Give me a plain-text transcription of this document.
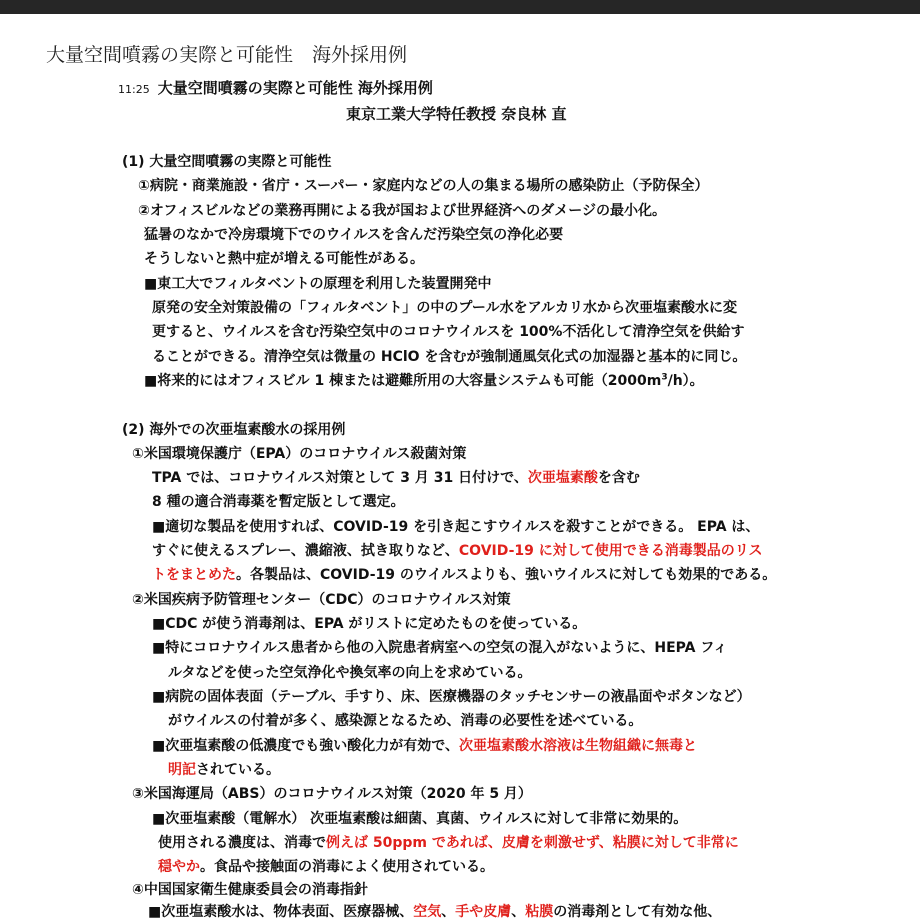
大量空間噴霧の実際と可能性　海外採用例
11:25 大量空間噴霧の実際と可能性 海外採用例
東京工業大学特任教授 奈良林 直
(1) 大量空間噴霧の実際と可能性
①病院・商業施設・省庁・スーパー・家庭内などの人の集まる場所の感染防止（予防保全）
②オフィスビルなどの業務再開による我が国および世界経済へのダメージの最小化。
猛暑のなかで冷房環境下でのウイルスを含んだ汚染空気の浄化必要
そうしないと熱中症が増える可能性がある。
■東工大でフィルタベントの原理を利用した装置開発中
原発の安全対策設備の「フィルタベント」の中のプール水をアルカリ水から次亜塩素酸水に変
更すると、ウイルスを含む汚染空気中のコロナウイルスを 100%不活化して清浄空気を供給す
ることができる。清浄空気は微量の HClO を含むが強制通風気化式の加湿器と基本的に同じ。
■将来的にはオフィスビル 1 棟または避難所用の大容量システムも可能$(2000m^3/h)$。
(2) 海外での次亜塩素酸水の採用例
①米国環境保護庁（EPA）のコロナウイルス殺菌対策
TPA では、コロナウイルス対策として 3 月 31 日付けで、次亜塩素酸を含む
8 種の適合消毒薬を暫定版として選定。
■適切な製品を使用すれば、COVID-19 を引き起こすウイルスを殺すことができる。 EPA は、
すぐに使えるスプレー、濃縮液、拭き取りなど、COVID-19 に対して使用できる消毒製品のリス
トをまとめた。各製品は、COVID-19 のウイルスよりも、強いウイルスに対しても効果的である。
②米国疾病予防管理センター（CDC）のコロナウイルス対策
■CDC が使う消毒剤は、EPA がリストに定めたものを使っている。
■特にコロナウイルス患者から他の入院患者病室への空気の混入がないように、HEPA フィ
ルタなどを使った空気浄化や換気率の向上を求めている。
■病院の固体表面（テーブル、手すり、床、医療機器のタッチセンサーの液晶面やボタンなど）
がウイルスの付着が多く、感染源となるため、消毒の必要性を述べている。
■次亜塩素酸の低濃度でも強い酸化力が有効で、次亜塩素酸水溶液は生物組織に無毒と
明記されている。
③米国海運局（ABS）のコロナウイルス対策（2020 年 5 月）
■次亜塩素酸（電解水） 次亜塩素酸は細菌、真菌、ウイルスに対して非常に効果的。
使用される濃度は、消毒で例えば 50ppm であれば、皮膚を刺激せず、粘膜に対して非常に
穏やか。食品や接触面の消毒によく使用されている。
④中国国家衛生健康委員会の消毒指針
■次亜塩素酸水は、物体表面、医療器械、空気、手や皮膚、粘膜の消毒剤として有効な他、
